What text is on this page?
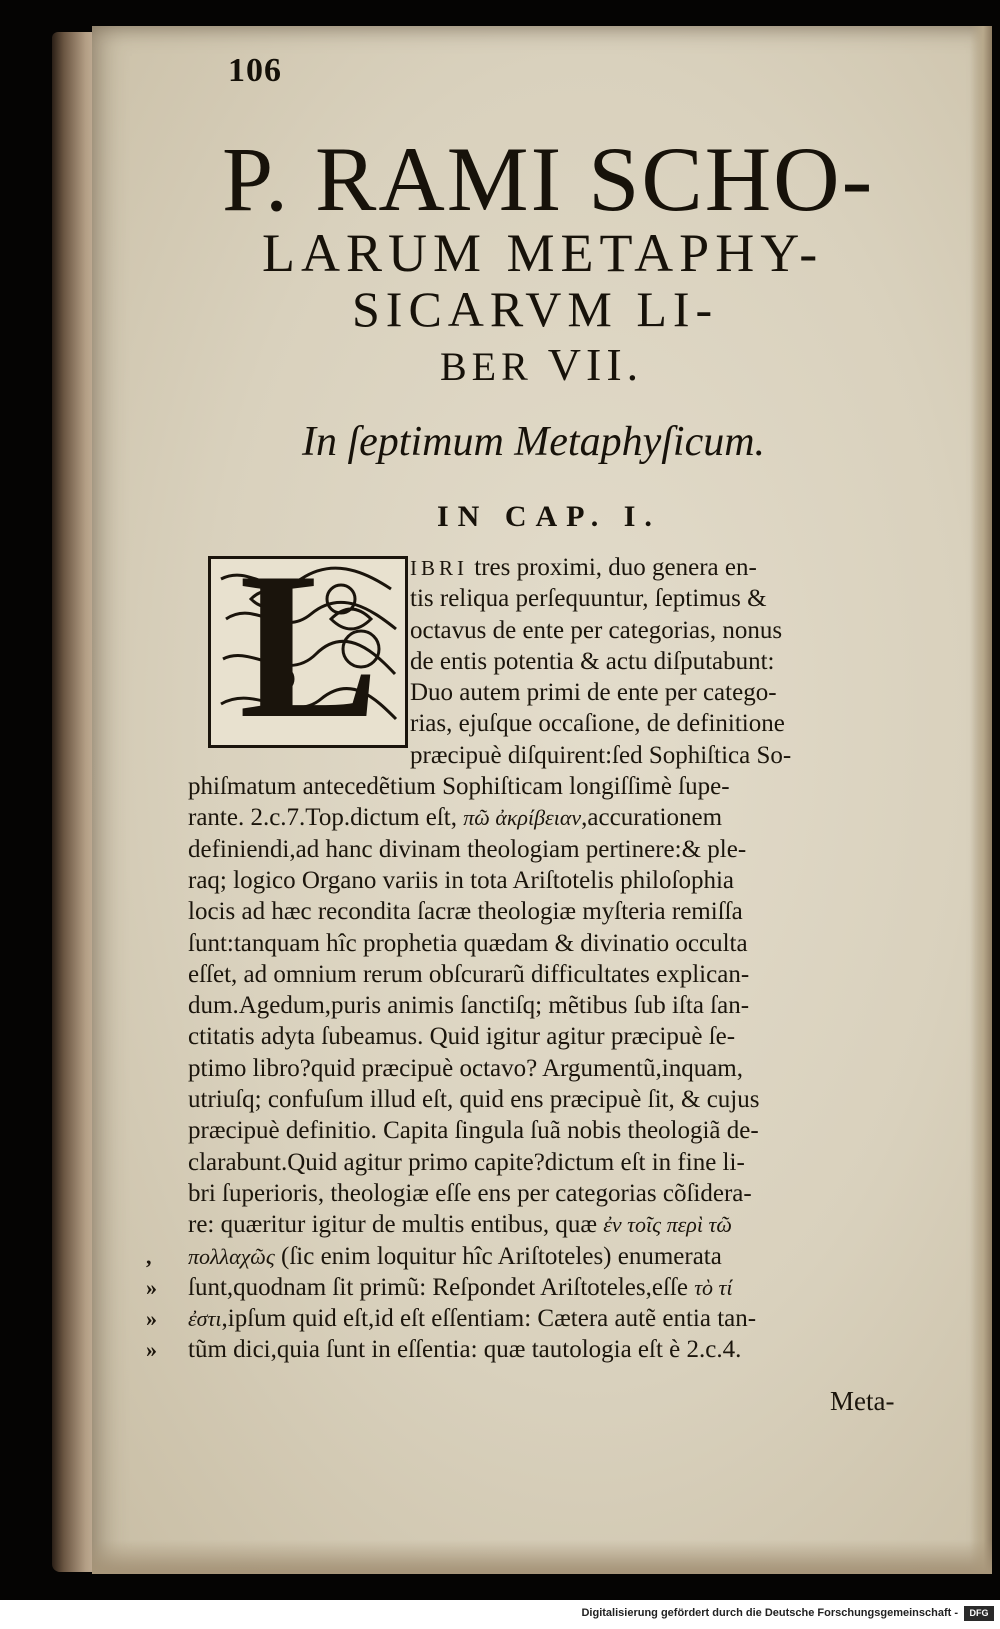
106
P. RAMI SCHO-
LARUM METAPHY-
SICARVM LI-
BER VII.
In ſeptimum Metaphyſicum.
IN CAP. I.
L	IBRI tres proximi, duo genera en-
tis reliqua perſequuntur, ſeptimus &
octavus de ente per categorias, nonus
de entis potentia & actu diſputabunt:
Duo autem primi de ente per catego-
rias, ejuſque occaſione, de definitione
præcipuè diſquirent:ſed Sophiſtica So-
phiſmatum antecedẽtium Sophiſticam longiſſimè ſupe-
rante. 2.c.7.Top.dictum eſt, πῶ ἀκρίβειαν,accurationem
definiendi,ad hanc divinam theologiam pertinere:& ple-
raq; logico Organo variis in tota Ariſtotelis philoſophia
locis ad hæc recondita ſacræ theologiæ myſteria remiſſa
ſunt:tanquam hîc prophetia quædam & divinatio occulta
eſſet, ad omnium rerum obſcurarũ difficultates explican-
dum.Agedum,puris animis ſanctiſq; mẽtibus ſub iſta ſan-
ctitatis adyta ſubeamus. Quid igitur agitur præcipuè ſe-
ptimo libro?quid præcipuè octavo? Argumentũ,inquam,
utriuſq; confuſum illud eſt, quid ens præcipuè ſit, & cujus
præcipuè definitio. Capita ſingula ſuã nobis theologiã de-
clarabunt.Quid agitur primo capite?dictum eſt in fine li-
bri ſuperioris, theologiæ eſſe ens per categorias cõſidera-
re: quæritur igitur de multis entibus, quæ ἐν τοῖς περὶ τῶ
πολλαχῶς (ſic enim loquitur hîc Ariſtoteles) enumerata
ſunt,quodnam ſit primũ: Reſpondet Ariſtoteles,eſſe τὸ τί
ἐστι,ipſum quid eſt,id eſt eſſentiam: Cætera autẽ entia tan-
tũm dici,quia ſunt in eſſentia: quæ tautologia eſt è 2.c.4.
,
»
»
»
Meta-
Digitalisierung gefördert durch die Deutsche Forschungsgemeinschaft -	DFG
